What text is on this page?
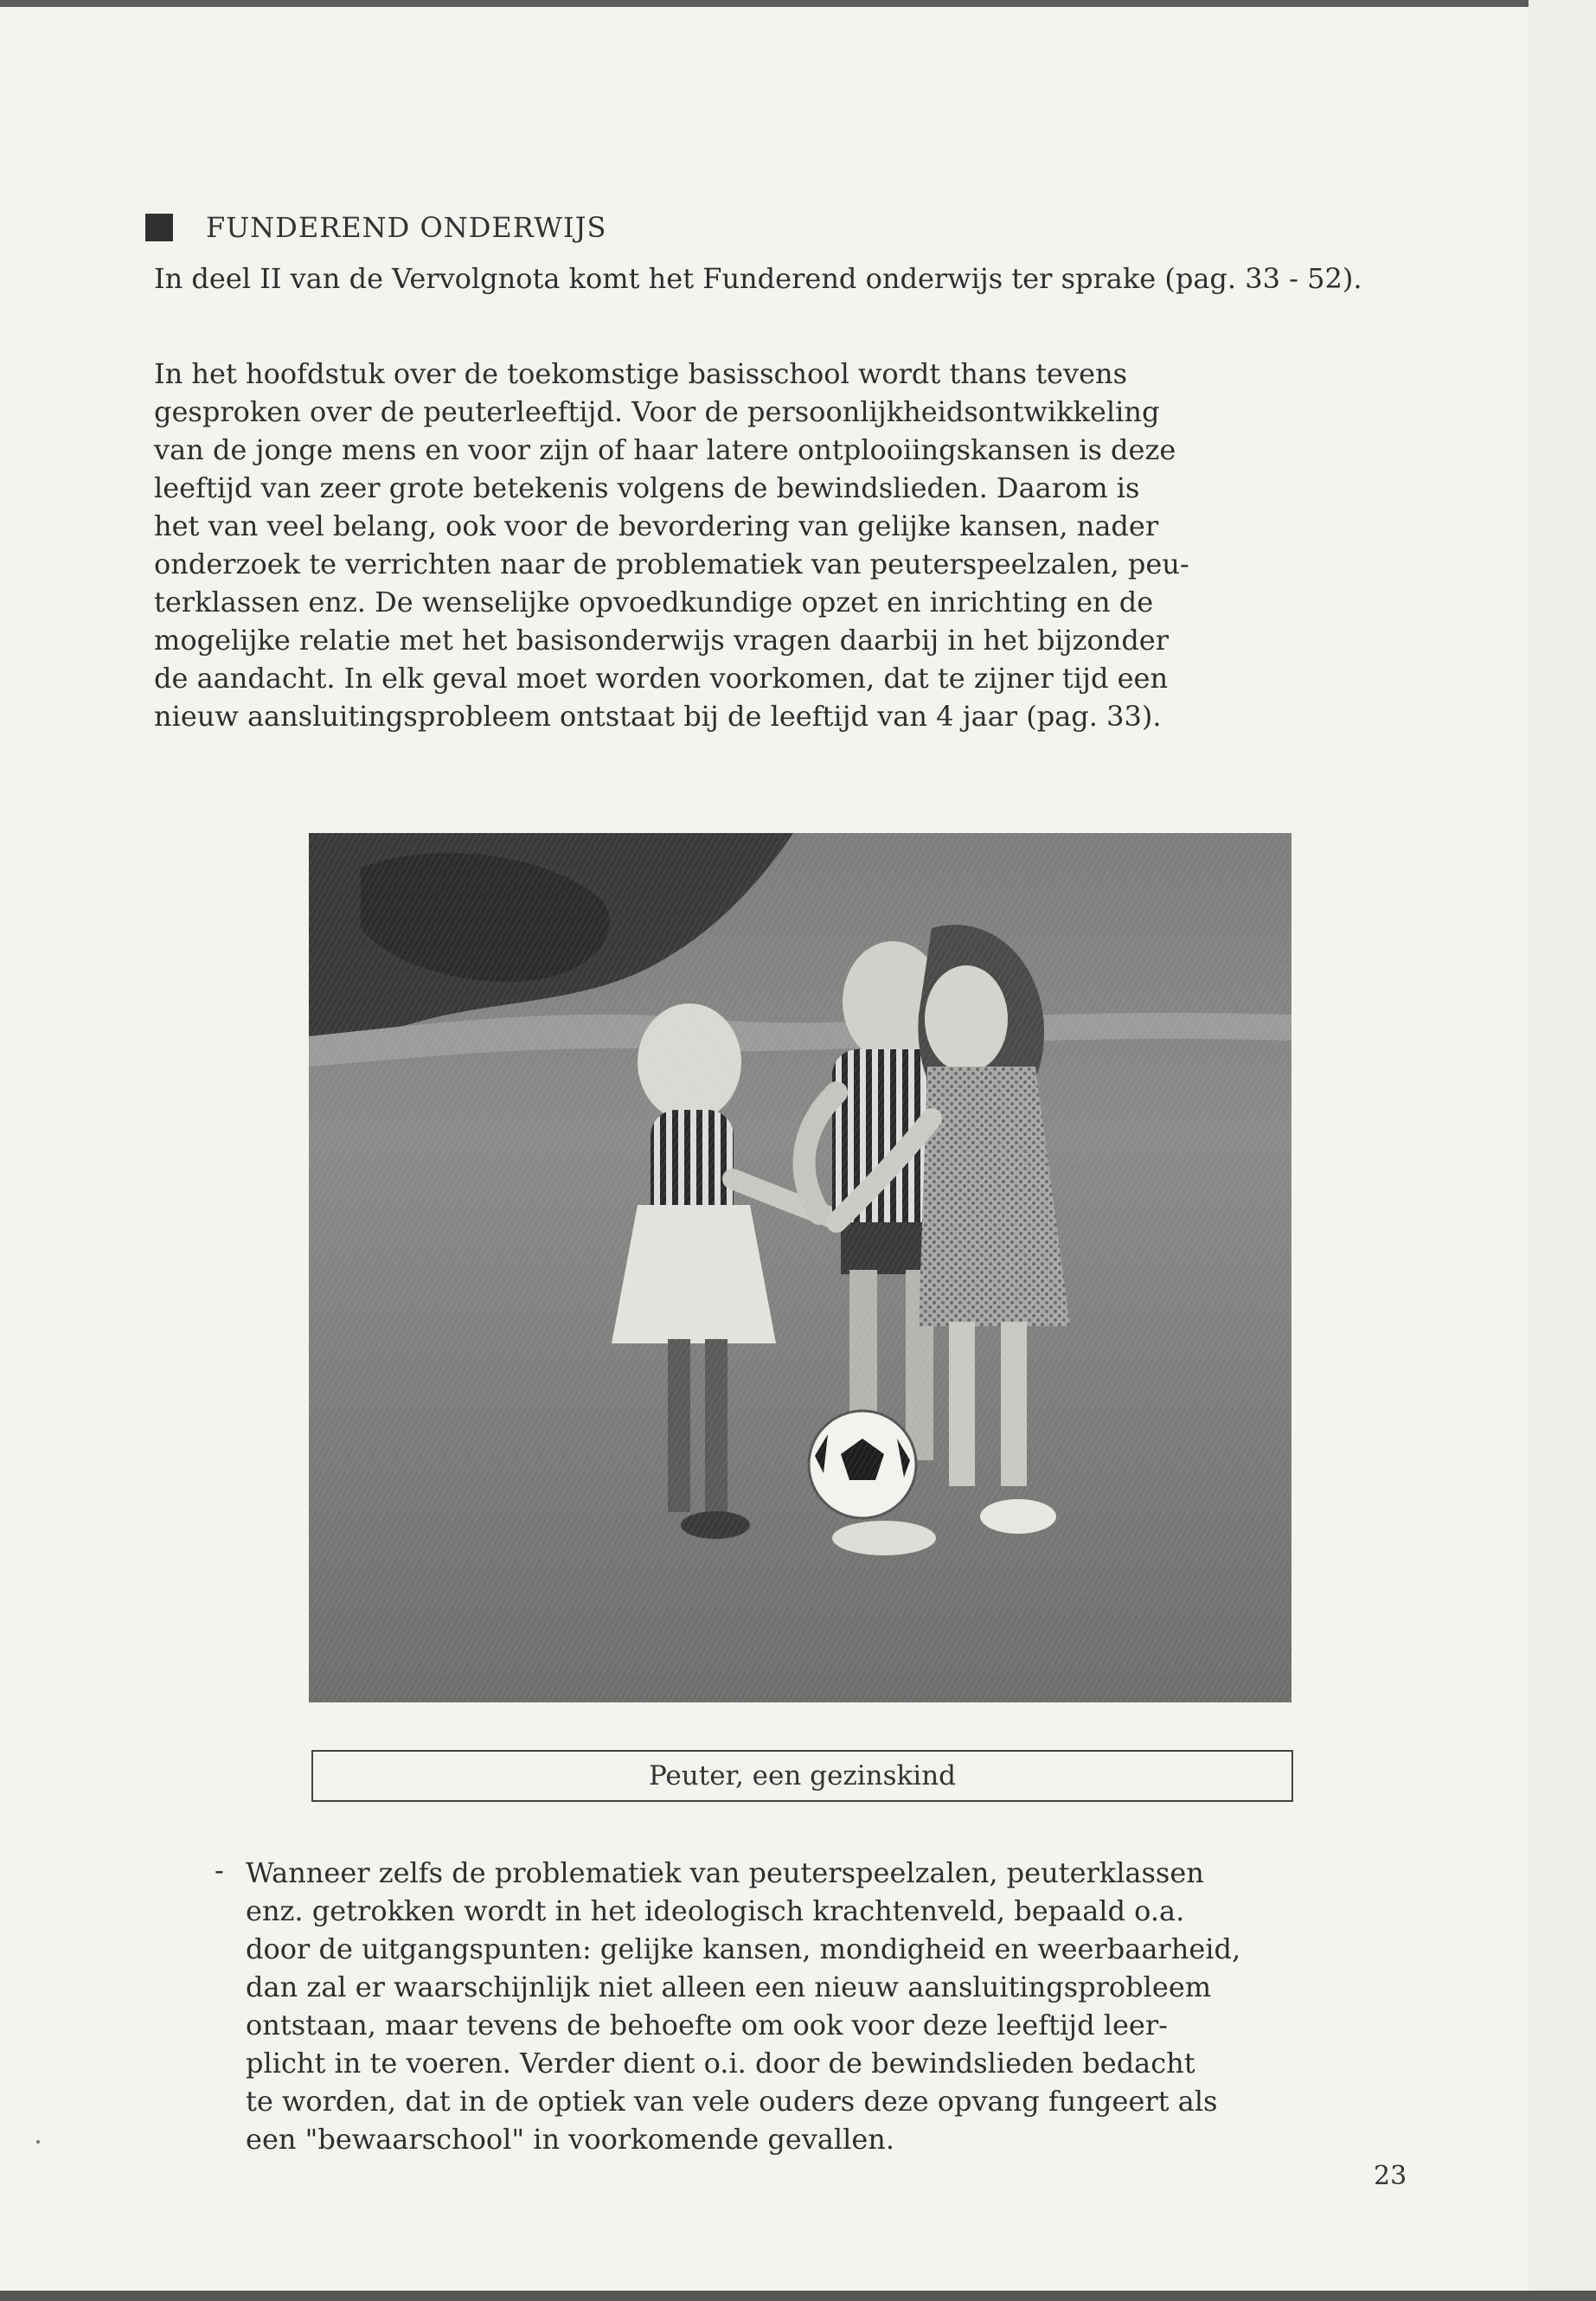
FUNDEREND ONDERWIJS

In deel II van de Vervolgnota komt het Funderend onderwijs ter sprake (pag. 33 - 52).

In het hoofdstuk over de toekomstige basisschool wordt thans tevens
gesproken over de peuterleeftijd. Voor de persoonlijkheidsontwikkeling
van de jonge mens en voor zijn of haar latere ontplooiingskansen is deze
leeftijd van zeer grote betekenis volgens de bewindslieden. Daarom is
het van veel belang, ook voor de bevordering van gelijke kansen, nader
onderzoek te verrichten naar de problematiek van peuterspeelzalen, peu-
terklassen enz. De wenselijke opvoedkundige opzet en inrichting en de
mogelijke relatie met het basisonderwijs vragen daarbij in het bijzonder
de aandacht. In elk geval moet worden voorkomen, dat te zijner tijd een
nieuw aansluitingsprobleem ontstaat bij de leeftijd van 4 jaar (pag. 33).

Peuter, een gezinskind
- Wanneer zelfs de problematiek van peuterspeelzalen, peuterklassen
enz. getrokken wordt in het ideologisch krachtenveld, bepaald o.a.
door de uitgangspunten: gelijke kansen, mondigheid en weerbaarheid,
dan zal er waarschijnlijk niet alleen een nieuw aansluitingsprobleem
ontstaan, maar tevens de behoefte om ook voor deze leeftijd leer-
plicht in te voeren. Verder dient o.i. door de bewindslieden bedacht
te worden, dat in de optiek van vele ouders deze opvang fungeert als
een "bewaarschool" in voorkomende gevallen.

23
